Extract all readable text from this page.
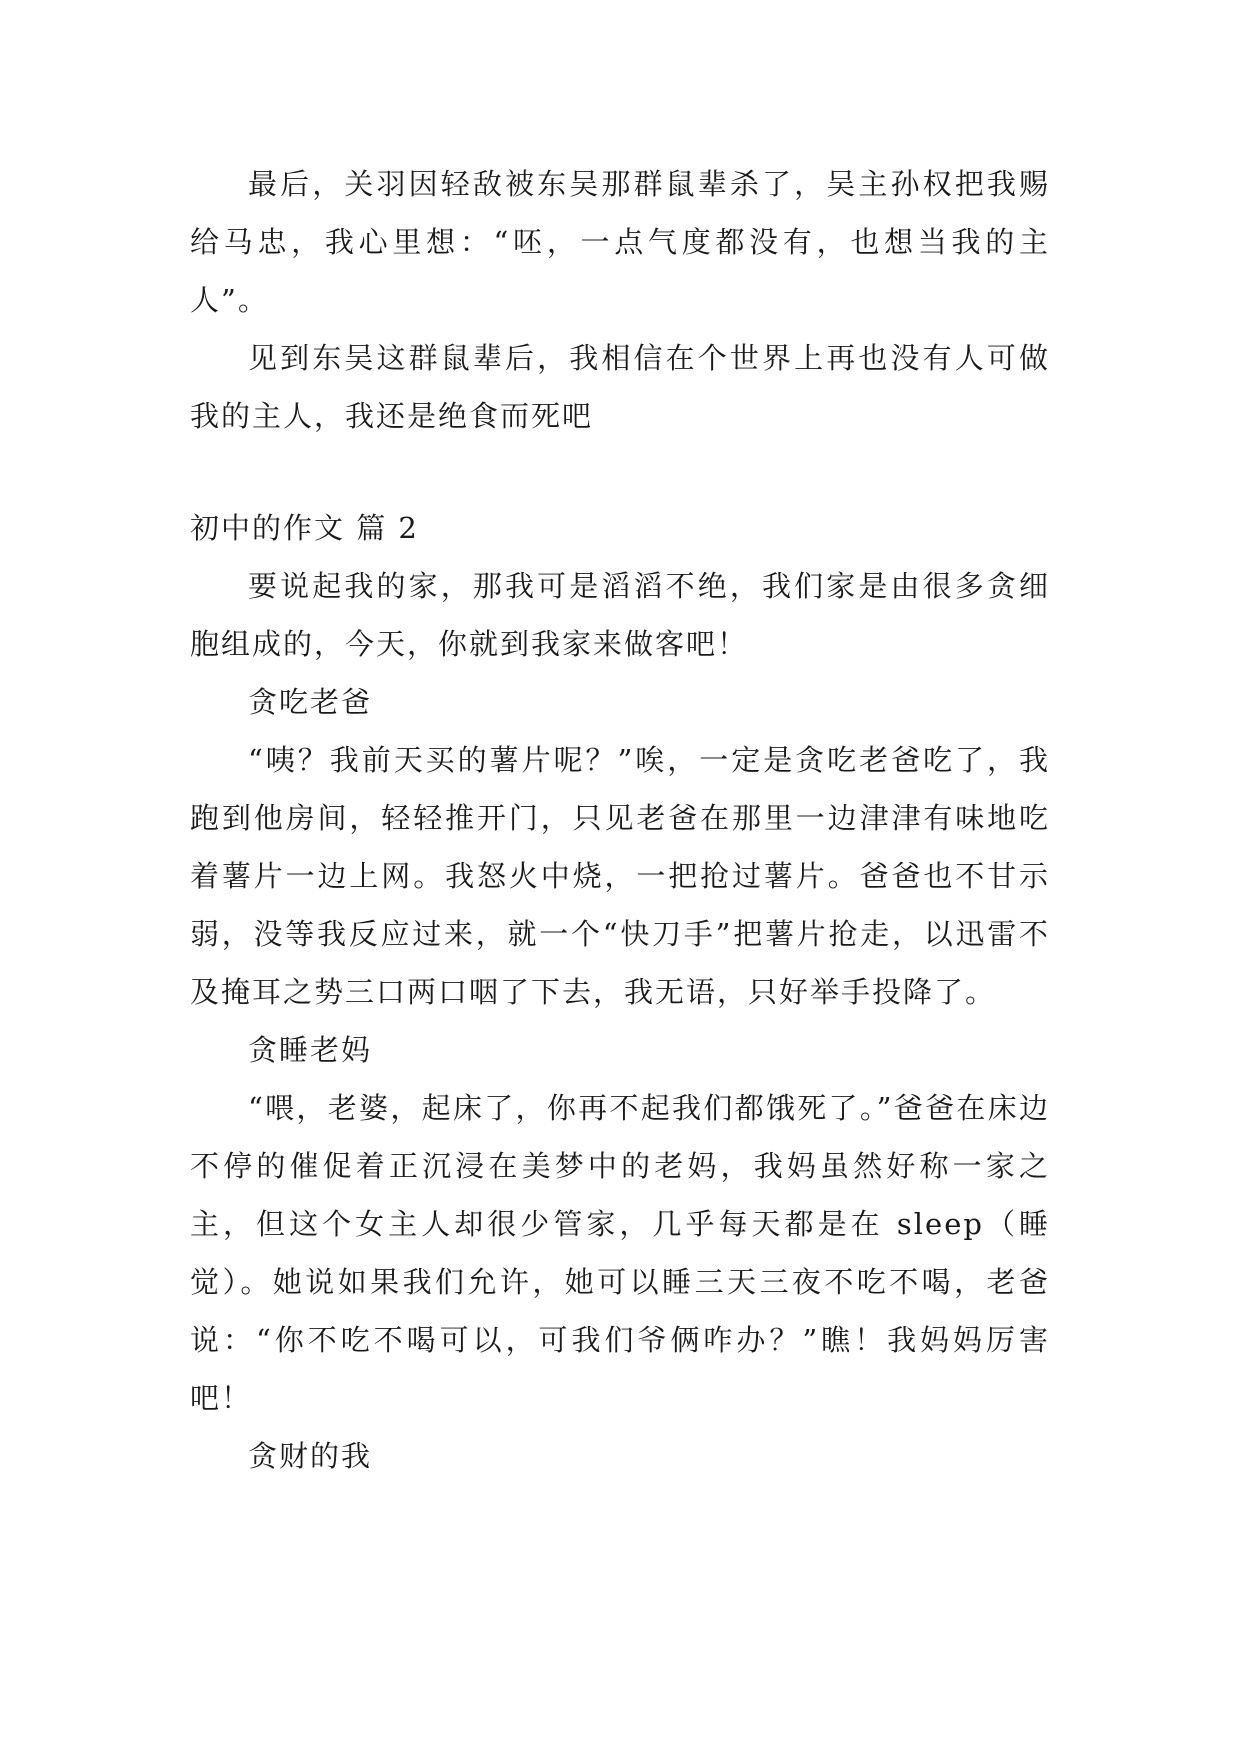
最后，关羽因轻敌被东吴那群鼠辈杀了，吴主孙权把我赐给马忠，我心里想：“呸，一点气度都没有，也想当我的主人”。

见到东吴这群鼠辈后，我相信在个世界上再也没有人可做我的主人，我还是绝食而死吧

初中的作文 篇 2

要说起我的家，那我可是滔滔不绝，我们家是由很多贪细胞组成的，今天，你就到我家来做客吧！

贪吃老爸

“咦？我前天买的薯片呢？”唉，一定是贪吃老爸吃了，我跑到他房间，轻轻推开门，只见老爸在那里一边津津有味地吃着薯片一边上网。我怒火中烧，一把抢过薯片。爸爸也不甘示弱，没等我反应过来，就一个“快刀手”把薯片抢走，以迅雷不及掩耳之势三口两口咽了下去，我无语，只好举手投降了。

贪睡老妈

“喂，老婆，起床了，你再不起我们都饿死了。”爸爸在床边不停的催促着正沉浸在美梦中的老妈，我妈虽然好称一家之主，但这个女主人却很少管家，几乎每天都是在 sleep（睡觉）。她说如果我们允许，她可以睡三天三夜不吃不喝，老爸说：“你不吃不喝可以，可我们爷俩咋办？”瞧！我妈妈厉害吧！

贪财的我
